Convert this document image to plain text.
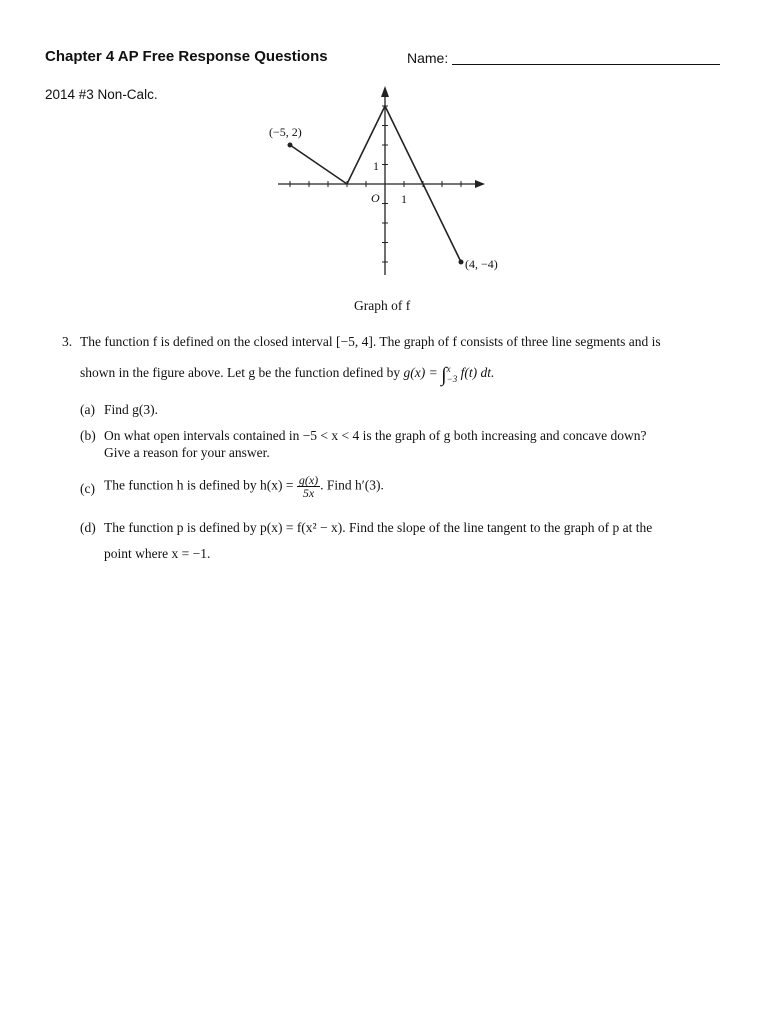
Chapter 4 AP Free Response Questions	Name:
2014 #3 Non-Calc.
(−5, 2)
(4, −4)
1
1
O
Graph of f
3. The function f is defined on the closed interval [−5, 4]. The graph of f consists of three line segments and is
shown in the figure above. Let g be the function defined by g(x) = ∫ x
−3 f(t) dt.
(a) Find g(3).
(b) On what open intervals contained in −5 < x < 4 is the graph of g both increasing and concave down?
Give a reason for your answer.
(c) The function h is defined by $h(x) = \frac{g(x)}{5x}$ . Find h′(3).
(d) The function p is defined by p(x) = f(x² − x). Find the slope of the line tangent to the graph of p at the
point where x = −1.
